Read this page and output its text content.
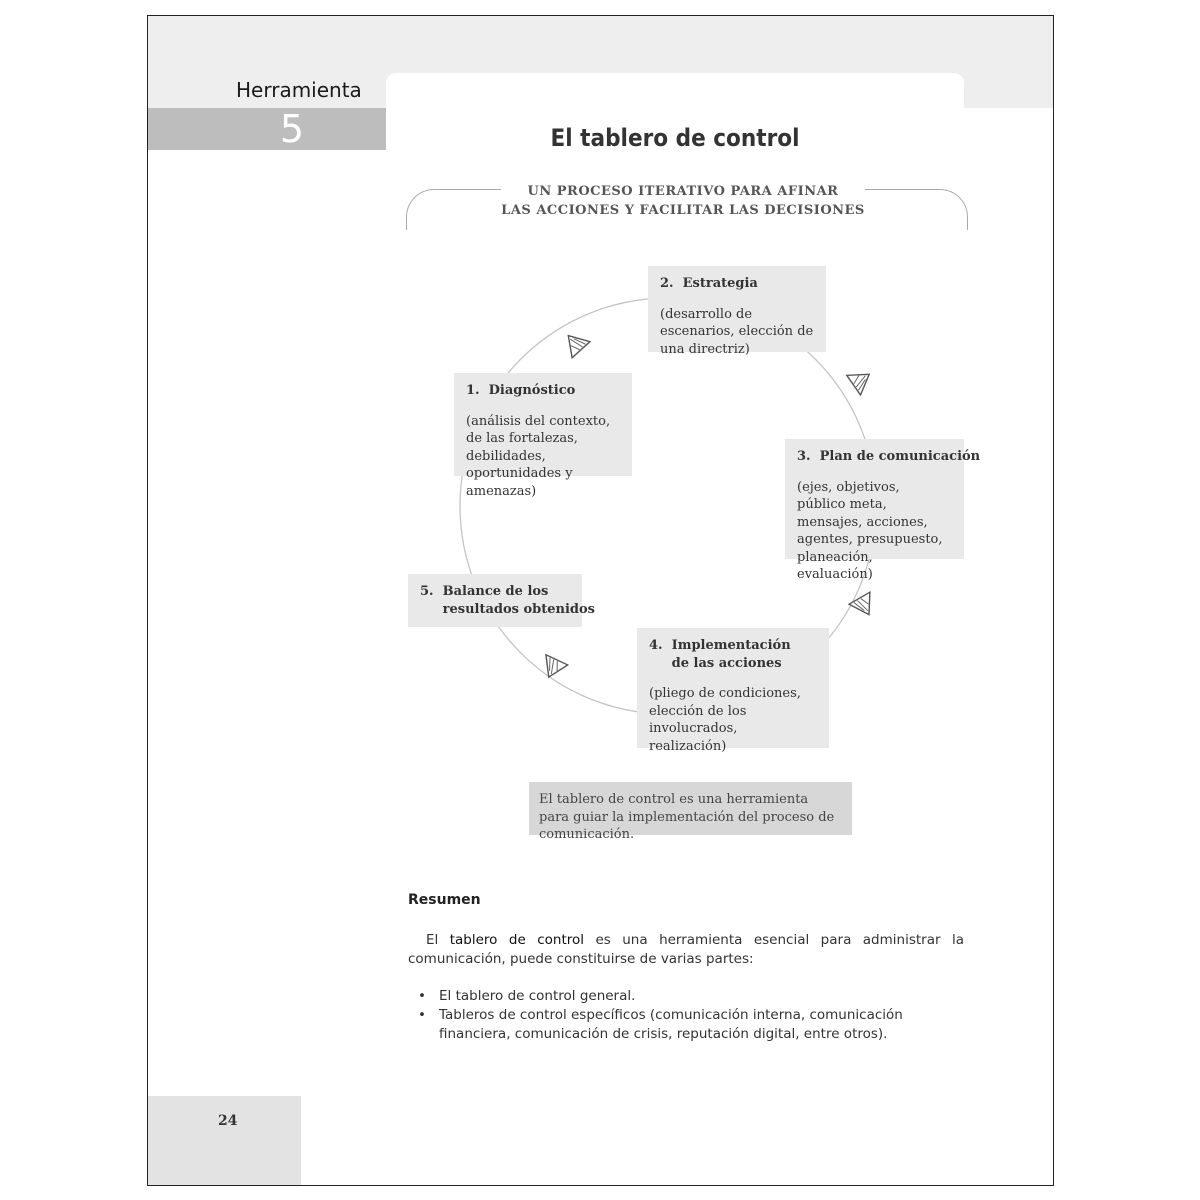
Herramienta
5	El tablero de control
UN PROCESO ITERATIVO PARA AFINAR
LAS ACCIONES Y FACILITAR LAS DECISIONES
1.  Diagnóstico
(análisis del contexto, de las fortalezas, debilidades, oportunidades y amenazas)
2.  Estrategia
(desarrollo de escenarios, elección de una directriz)
3.  Plan de comunicación
(ejes, objetivos, público meta, mensajes, acciones, agentes, presupuesto, planeación, evaluación)
4.  Implementación
de las acciones
(pliego de condiciones, elección de los involucrados, realización)
5.  Balance de los
resultados obtenidos
El tablero de control es una herramienta para guiar la implementación del proceso de comunicación.
Resumen
El tablero de control es una herramienta esencial para administrar la comunicación, puede constituirse de varias partes:
• El tablero de control general.
• Tableros de control específicos (comunicación interna, comunicación financiera, comunicación de crisis, reputación digital, entre otros).
24
